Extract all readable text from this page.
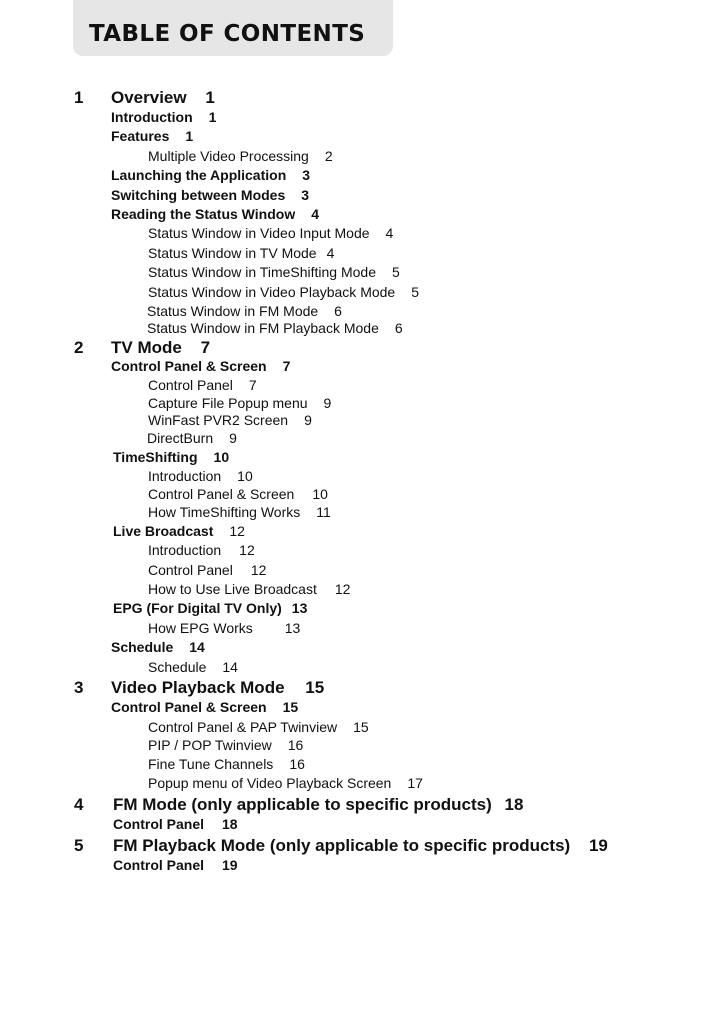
TABLE OF CONTENTS
1 Overview 1
Introduction 1
Features 1
Multiple Video Processing 2
Launching the Application 3
Switching between Modes 3
Reading the Status Window 4
Status Window in Video Input Mode 4
Status Window in TV Mode 4
Status Window in TimeShifting Mode 5
Status Window in Video Playback Mode 5
Status Window in FM Mode 6
Status Window in FM Playback Mode 6
2 TV Mode 7
Control Panel & Screen 7
Control Panel 7
Capture File Popup menu 9
WinFast PVR2 Screen 9
DirectBurn 9
TimeShifting 10
Introduction 10
Control Panel & Screen 10
How TimeShifting Works 11
Live Broadcast 12
Introduction 12
Control Panel 12
How to Use Live Broadcast 12
EPG (For Digital TV Only) 13
How EPG Works 13
Schedule 14
Schedule 14
3 Video Playback Mode 15
Control Panel & Screen 15
Control Panel & PAP Twinview 15
PIP / POP Twinview 16
Fine Tune Channels 16
Popup menu of Video Playback Screen 17
4 FM Mode (only applicable to specific products) 18
Control Panel 18
5 FM Playback Mode (only applicable to specific products) 19
Control Panel 19
